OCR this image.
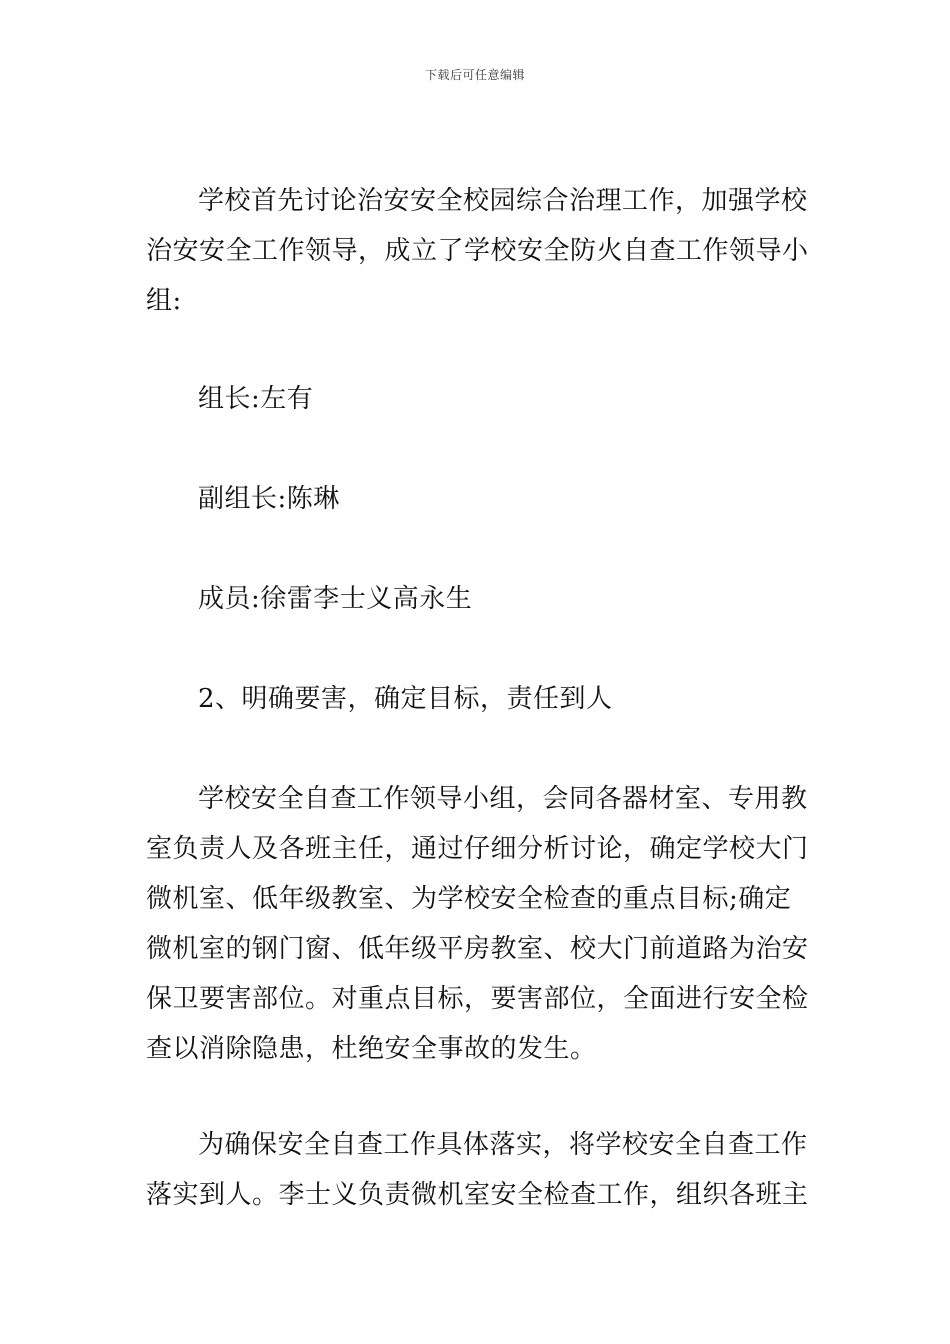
下载后可任意编辑

学校首先讨论治安安全校园综合治理工作，加强学校治安安全工作领导，成立了学校安全防火自查工作领导小组:

组长:左有

副组长:陈琳

成员:徐雷李士义高永生

2、明确要害，确定目标，责任到人

学校安全自查工作领导小组，会同各器材室、专用教室负责人及各班主任，通过仔细分析讨论，确定学校大门微机室、低年级教室、为学校安全检查的重点目标;确定微机室的钢门窗、低年级平房教室、校大门前道路为治安保卫要害部位。对重点目标，要害部位，全面进行安全检查以消除隐患，杜绝安全事故的发生。

为确保安全自查工作具体落实，将学校安全自查工作落实到人。李士义负责微机室安全检查工作，组织各班主
